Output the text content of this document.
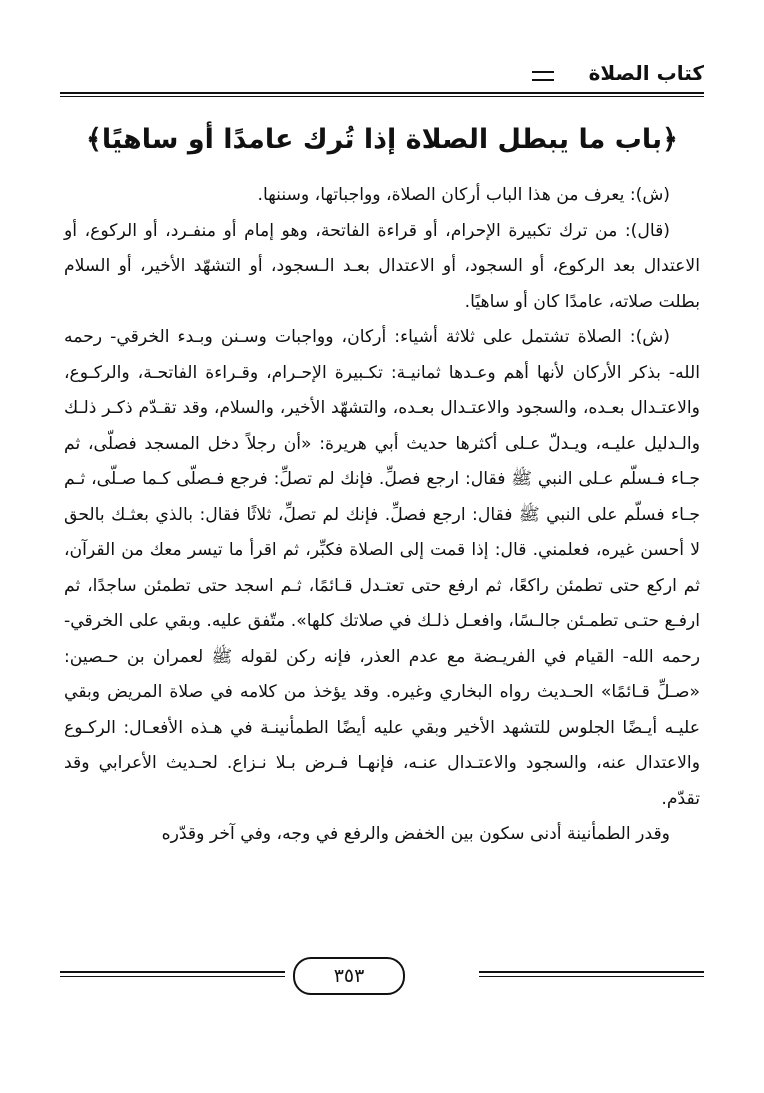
كتاب الصلاة
﴿باب ما يبطل الصلاة إذا تُرك عامدًا أو ساهيًا﴾

(ش): يعرف من هذا الباب أركان الصلاة، وواجباتها، وسننها.

(قال): من ترك تكبيرة الإحرام، أو قراءة الفاتحة، وهو إمام أو منفـرد، أو الركوع، أو الاعتدال بعد الركوع، أو السجود، أو الاعتدال بعـد الـسجود، أو التشهّد الأخير، أو السلام بطلت صلاته، عامدًا كان أو ساهيًا.

(ش): الصلاة تشتمل على ثلاثة أشياء: أركان، وواجبات وسـنن وبـدء الخرقي- رحمه الله- بذكر الأركان لأنها أهم وعـدها ثمانيـة: تكـبيرة الإحـرام، وقـراءة الفاتحـة، والركـوع، والاعتـدال بعـده، والسجود والاعتـدال بعـده، والتشهّد الأخير، والسلام، وقد تقـدّم ذكـر ذلـك والـدليل عليـه، ويـدلّ عـلى أكثرها حديث أبي هريرة: «أن رجلاً دخل المسجد فصلّى، ثم جـاء فـسلّم عـلى النبي ﷺ فقال: ارجع فصلِّ. فإنك لم تصلِّ: فرجع فـصلّى كـما صـلّى، ثـم جـاء فسلّم على النبي ﷺ فقال: ارجع فصلِّ. فإنك لم تصلِّ، ثلاثًا فقال: بالذي بعثـك بالحق لا أحسن غيره، فعلمني. قال: إذا قمت إلى الصلاة فكبِّر، ثم اقرأ ما تيسر معك من القرآن، ثم اركع حتى تطمئن راكعًا، ثم ارفع حتى تعتـدل قـائمًا، ثـم اسجد حتى تطمئن ساجدًا، ثم ارفـع حتـى تطمـئن جالـسًا، وافعـل ذلـك في صلاتك كلها». متّفق عليه. وبقي على الخرقي- رحمه الله- القيام في الفريـضة مع عدم العذر، فإنه ركن لقوله ﷺ لعمران بن حـصين: «صـلِّ قـائمًا» الحـديث رواه البخاري وغيره. وقد يؤخذ من كلامه في صلاة المريض وبقي عليـه أيـضًا الجلوس للتشهد الأخير وبقي عليه أيضًا الطمأنينـة في هـذه الأفعـال: الركـوع والاعتدال عنه، والسجود والاعتـدال عنـه، فإنهـا فـرض بـلا نـزاع. لحـديث الأعرابي وقد تقدّم.

وقدر الطمأنينة أدنى سكون بين الخفض والرفع في وجه، وفي آخر وقدّره

٣٥٣
